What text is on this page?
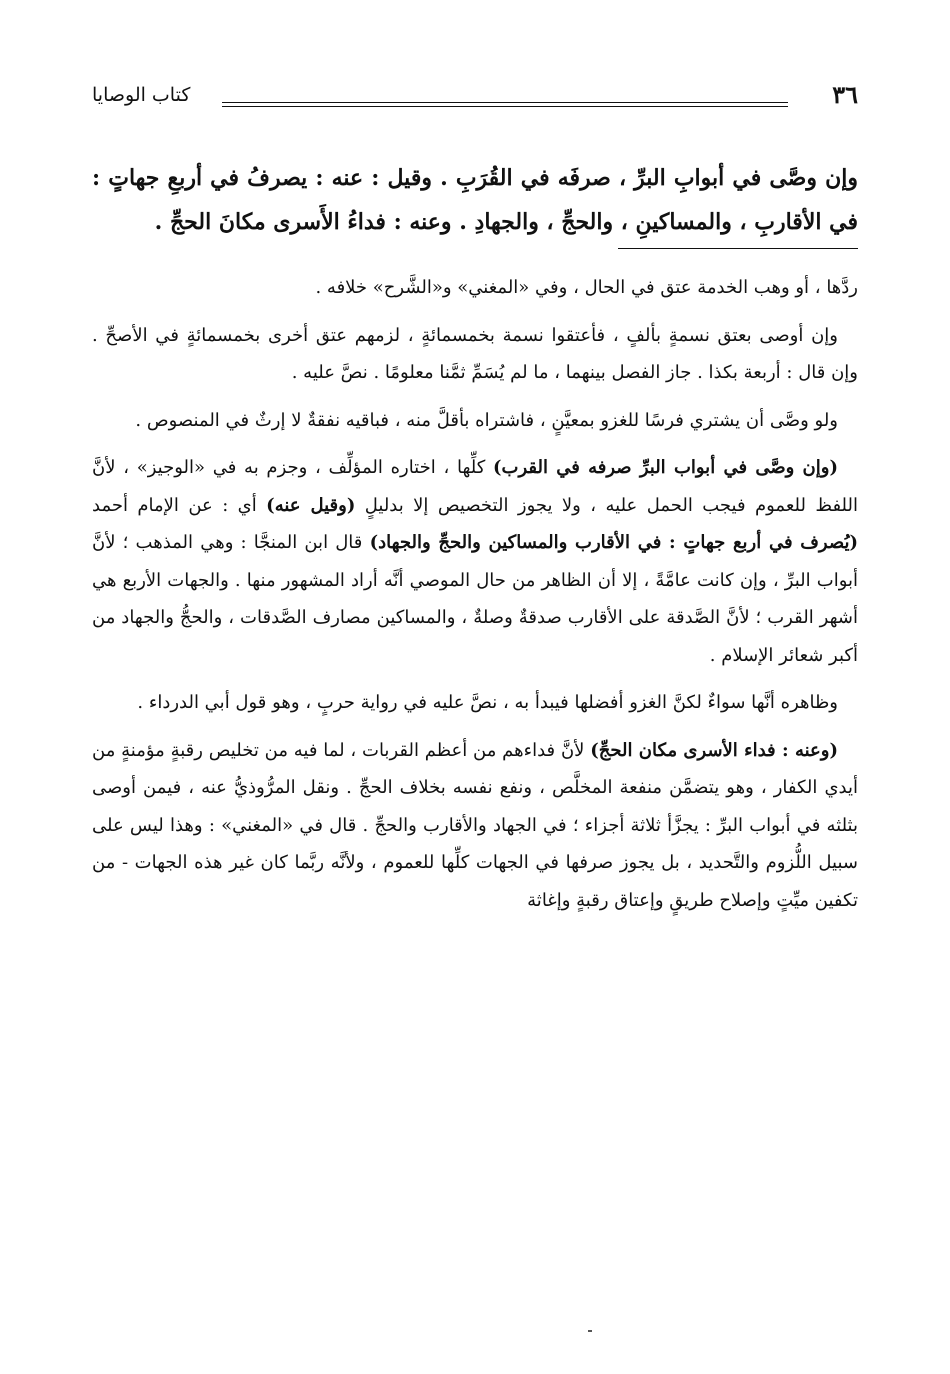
٣٦
كتاب الوصايا
وإن وصَّى في أبوابِ البرِّ ، صرفَه في القُرَبِ . وقيل : عنه : يصرفُ في أربعِ جهاتٍ : في الأقاربِ ، والمساكينِ ، والحجِّ ، والجهادِ . وعنه : فداءُ الأَسرى مكانَ الحجِّ .

ردَّها ، أو وهب الخدمة عتق في الحال ، وفي «المغني» و«الشَّرح» خلافه .

وإن أوصى بعتق نسمةٍ بألفٍ ، فأعتقوا نسمة بخمسمائةٍ ، لزمهم عتق أخرى بخمسمائةٍ في الأصحِّ . وإن قال : أربعة بكذا . جاز الفصل بينهما ، ما لم يُسَمِّ ثمَّنا معلومًا . نصَّ عليه .

ولو وصَّى أن يشتري فرسًا للغزو بمعيَّنٍ ، فاشتراه بأقلَّ منه ، فباقيه نفقةٌ لا إرثٌ في المنصوص .

(وإن وصَّى في أبواب البرِّ صرفه في القرب) كلِّها ، اختاره المؤلِّف ، وجزم به في «الوجيز» ، لأنَّ اللفظ للعموم فيجب الحمل عليه ، ولا يجوز التخصيص إلا بدليلٍ (وقيل عنه) أي : عن الإمام أحمد (يُصرف في أربع جهاتٍ : في الأقارب والمساكين والحجِّ والجهاد) قال ابن المنجَّا : وهي المذهب ؛ لأنَّ أبواب البرِّ ، وإن كانت عامَّةً ، إلا أن الظاهر من حال الموصي أنَّه أراد المشهور منها . والجهات الأربع هي أشهر القرب ؛ لأنَّ الصَّدقة على الأقارب صدقةٌ وصلةٌ ، والمساكين مصارف الصَّدقات ، والحجُّ والجهاد من أكبر شعائر الإسلام .

وظاهره أنَّها سواءٌ لكنَّ الغزو أفضلها فيبدأ به ، نصَّ عليه في رواية حربٍ ، وهو قول أبي الدرداء .

(وعنه : فداء الأسرى مكان الحجِّ) لأنَّ فداءهم من أعظم القربات ، لما فيه من تخليص رقبةٍ مؤمنةٍ من أيدي الكفار ، وهو يتضمَّن منفعة المخلَّص ، ونفع نفسه بخلاف الحجِّ . ونقل المرُّوذيُّ عنه ، فيمن أوصى بثلثه في أبواب البرِّ : يجزَّأ ثلاثة أجزاء ؛ في الجهاد والأقارب والحجِّ . قال في «المغني» : وهذا ليس على سبيل اللُّزوم والتَّحديد ، بل يجوز صرفها في الجهات كلِّها للعموم ، ولأنَّه ربَّما كان غير هذه الجهات - من تكفين ميِّتٍ وإصلاح طريقٍ وإعتاق رقبةٍ وإغاثة
